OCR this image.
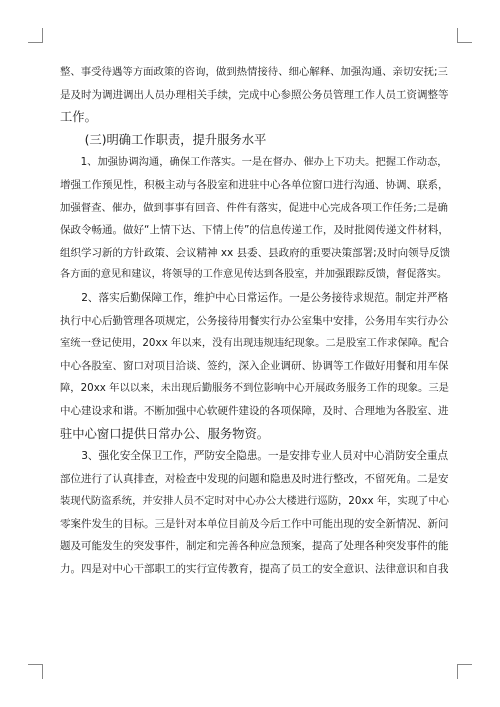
整、事受待遇等方面政策的咨询，做到热情接待、细心解释、加强沟通、亲切安抚;三

是及时为调进调出人员办理相关手续，完成中心参照公务员管理工作人员工资调整等

工作。

(三)明确工作职责，提升服务水平

1、加强协调沟通，确保工作落实。一是在督办、催办上下功夫。把握工作动态，

增强工作预见性，积极主动与各股室和进驻中心各单位窗口进行沟通、协调、联系，

加强督查、催办，做到事事有回音、件件有落实，促进中心完成各项工作任务;二是确

保政令畅通。做好“上情下达、下情上传”的信息传递工作，及时批阅传递文件材料，

组织学习新的方针政策、会议精神 xx 县委、县政府的重要决策部署;及时向领导反馈

各方面的意见和建议，将领导的工作意见传达到各股室，并加强跟踪反馈，督促落实。

2、落实后勤保障工作，维护中心日常运作。一是公务接待求规范。制定并严格

执行中心后勤管理各项规定，公务接待用餐实行办公室集中安排，公务用车实行办公

室统一登记使用，20xx 年以来，没有出现违规违纪现象。二是股室工作求保障。配合

中心各股室、窗口对项目洽谈、签约，深入企业调研、协调等工作做好用餐和用车保

障，20xx 年以以来，未出现后勤服务不到位影响中心开展政务服务工作的现象。三是

中心建设求和谐。不断加强中心软硬件建设的各项保障，及时、合理地为各股室、进

驻中心窗口提供日常办公、服务物资。

3、强化安全保卫工作，严防安全隐患。一是安排专业人员对中心消防安全重点

部位进行了认真排查，对检查中发现的问题和隐患及时进行整改，不留死角。二是安

装现代防盗系统，并安排人员不定时对中心办公大楼进行巡防，20xx 年，实现了中心

零案件发生的目标。三是针对本单位目前及今后工作中可能出现的安全新情况、新问

题及可能发生的突发事件，制定和完善各种应急预案，提高了处理各种突发事件的能

力。四是对中心干部职工的实行宣传教育，提高了员工的安全意识、法律意识和自我
